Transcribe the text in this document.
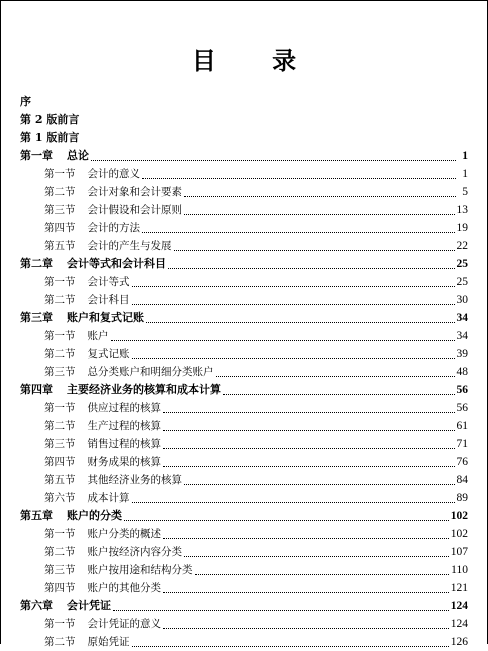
目 录
序
第 2 版前言
第 1 版前言
第一章 总论	1
第一节 会计的意义	1
第二节 会计对象和会计要素	5
第三节 会计假设和会计原则	13
第四节 会计的方法	19
第五节 会计的产生与发展	22
第二章 会计等式和会计科目	25
第一节 会计等式	25
第二节 会计科目	30
第三章 账户和复式记账	34
第一节 账户	34
第二节 复式记账	39
第三节 总分类账户和明细分类账户	48
第四章 主要经济业务的核算和成本计算	56
第一节 供应过程的核算	56
第二节 生产过程的核算	61
第三节 销售过程的核算	71
第四节 财务成果的核算	76
第五节 其他经济业务的核算	84
第六节 成本计算	89
第五章 账户的分类	102
第一节 账户分类的概述	102
第二节 账户按经济内容分类	107
第三节 账户按用途和结构分类	110
第四节 账户的其他分类	121
第六章 会计凭证	124
第一节 会计凭证的意义	124
第二节 原始凭证	126
